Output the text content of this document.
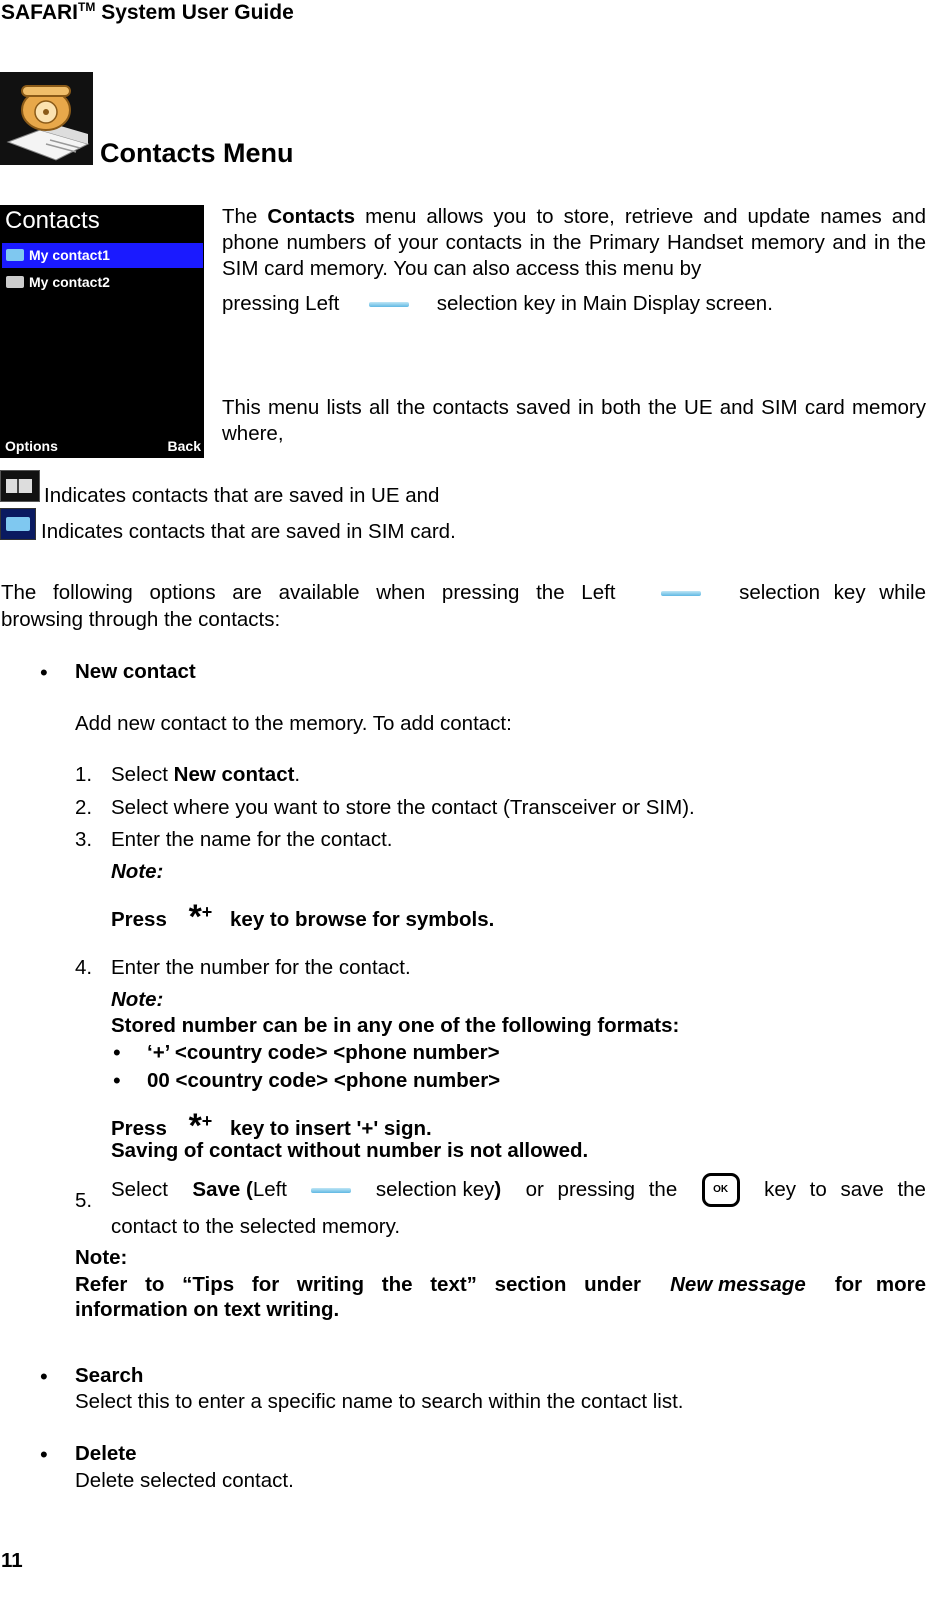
SAFARI™ System User Guide
Contacts Menu
Contacts
My contact1
My contact2
Options	Back
The Contacts menu allows you to store, retrieve and update names and phone numbers of your contacts in the Primary Handset memory and in the SIM card memory. You can also access this menu by
pressing Left	selection key in Main Display screen.
This menu lists all the contacts saved in both the UE and SIM card memory where,
Indicates contacts that are saved in UE and
Indicates contacts that are saved in SIM card.
The following options are available when pressing the Left	selection key while
browsing through the contacts:
• New contact
Add new contact to the memory. To add contact:
1. Select New contact.
2. Select where you want to store the contact (Transceiver or SIM).
3. Enter the name for the contact.
Note:
Press *+ key to browse for symbols.
4. Enter the number for the contact.
Note:
Stored number can be in any one of the following formats:
• ‘+’ <country code> <phone number>
• 00 <country code> <phone number>
Press *+ key to insert '+' sign.
Saving of contact without number is not allowed.
5. Select Save (Left	selection key) or pressing the	OK	key to save the
contact to the selected memory.
Note:
Refer to “Tips for writing the text” section under New message for more
information on text writing.
• Search
Select this to enter a specific name to search within the contact list.
• Delete
Delete selected contact.
11
